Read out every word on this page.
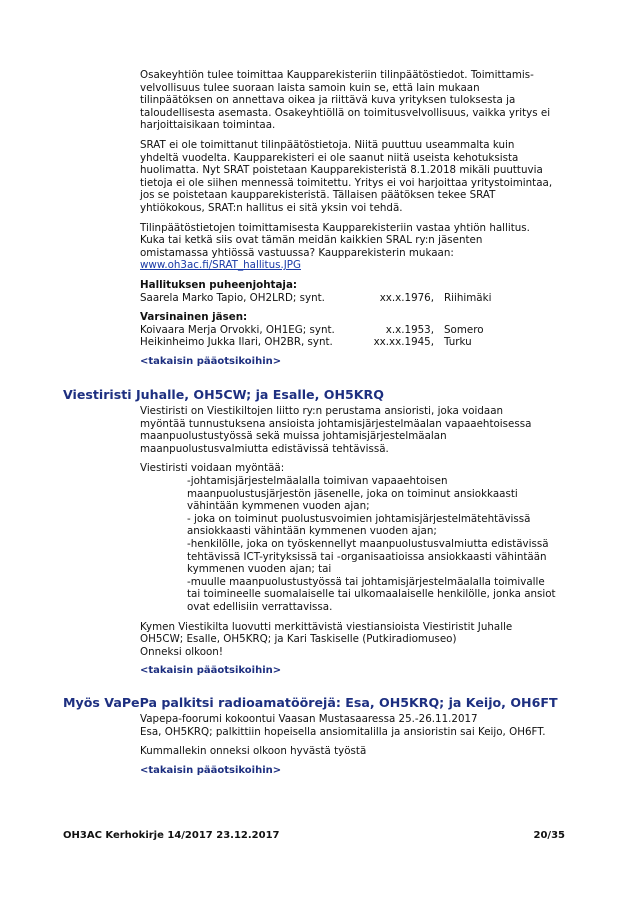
Osakeyhtiön tulee toimittaa Kaupparekisteriin tilinpäätöstiedot. Toimittamis-
velvollisuus tulee suoraan laista samoin kuin se, että lain mukaan
tilinpäätöksen on annettava oikea ja riittävä kuva yrityksen tuloksesta ja
taloudellisesta asemasta. Osakeyhtiöllä on toimitusvelvollisuus, vaikka yritys ei
harjoittaisikaan toimintaa.

SRAT ei ole toimittanut tilinpäätöstietoja. Niitä puuttuu useammalta kuin
yhdeltä vuodelta. Kaupparekisteri ei ole saanut niitä useista kehotuksista
huolimatta. Nyt SRAT poistetaan Kaupparekisteristä 8.1.2018 mikäli puuttuvia
tietoja ei ole siihen mennessä toimitettu. Yritys ei voi harjoittaa yritystoimintaa,
jos se poistetaan kaupparekisteristä. Tällaisen päätöksen tekee SRAT
yhtiökokous, SRAT:n hallitus ei sitä yksin voi tehdä.

Tilinpäätöstietojen toimittamisesta Kaupparekisteriin vastaa yhtiön hallitus.
Kuka tai ketkä siis ovat tämän meidän kaikkien SRAL ry:n jäsenten
omistamassa yhtiössä vastuussa? Kaupparekisterin mukaan:
www.oh3ac.fi/SRAT_hallitus.JPG

Hallituksen puheenjohtaja:
Saarela Marko Tapio, OH2LRD; synt.	xx.x.1976, Riihimäki

Varsinainen jäsen:
Koivaara Merja Orvokki, OH1EG; synt.	x.x.1953, Somero
Heikinheimo Jukka Ilari, OH2BR, synt.	xx.xx.1945, Turku

<takaisin pääotsikoihin>
Viestiristi Juhalle, OH5CW; ja Esalle, OH5KRQ

Viestiristi on Viestikiltojen liitto ry:n perustama ansioristi, joka voidaan
myöntää tunnustuksena ansioista johtamisjärjestelmäalan vapaaehtoisessa
maanpuolustustyössä sekä muissa johtamisjärjestelmäalan
maanpuolustusvalmiutta edistävissä tehtävissä.

Viestiristi voidaan myöntää:
-johtamisjärjestelmäalalla toimivan vapaaehtoisen
maanpuolustusjärjestön jäsenelle, joka on toiminut ansiokkaasti
vähintään kymmenen vuoden ajan;
- joka on toiminut puolustusvoimien johtamisjärjestelmätehtävissä
ansiokkaasti vähintään kymmenen vuoden ajan;
-henkilölle, joka on työskennellyt maanpuolustusvalmiutta edistävissä
tehtävissä ICT-yrityksissä tai -organisaatioissa ansiokkaasti vähintään
kymmenen vuoden ajan; tai
-muulle maanpuolustustyössä tai johtamisjärjestelmäalalla toimivalle
tai toimineelle suomalaiselle tai ulkomaalaiselle henkilölle, jonka ansiot
ovat edellisiin verrattavissa.

Kymen Viestikilta luovutti merkittävistä viestiansioista Viestiristit Juhalle
OH5CW; Esalle, OH5KRQ; ja Kari Taskiselle (Putkiradiomuseo)
Onneksi olkoon!

<takaisin pääotsikoihin>
Myös VaPePa palkitsi radioamatöörejä: Esa, OH5KRQ; ja Keijo, OH6FT

Vapepa-foorumi kokoontui Vaasan Mustasaaressa 25.-26.11.2017
Esa, OH5KRQ; palkittiin hopeisella ansiomitalilla ja ansioristin sai Keijo, OH6FT.

Kummallekin onneksi olkoon hyvästä työstä

<takaisin pääotsikoihin>
OH3AC Kerhokirje 14/2017 23.12.2017	20/35
